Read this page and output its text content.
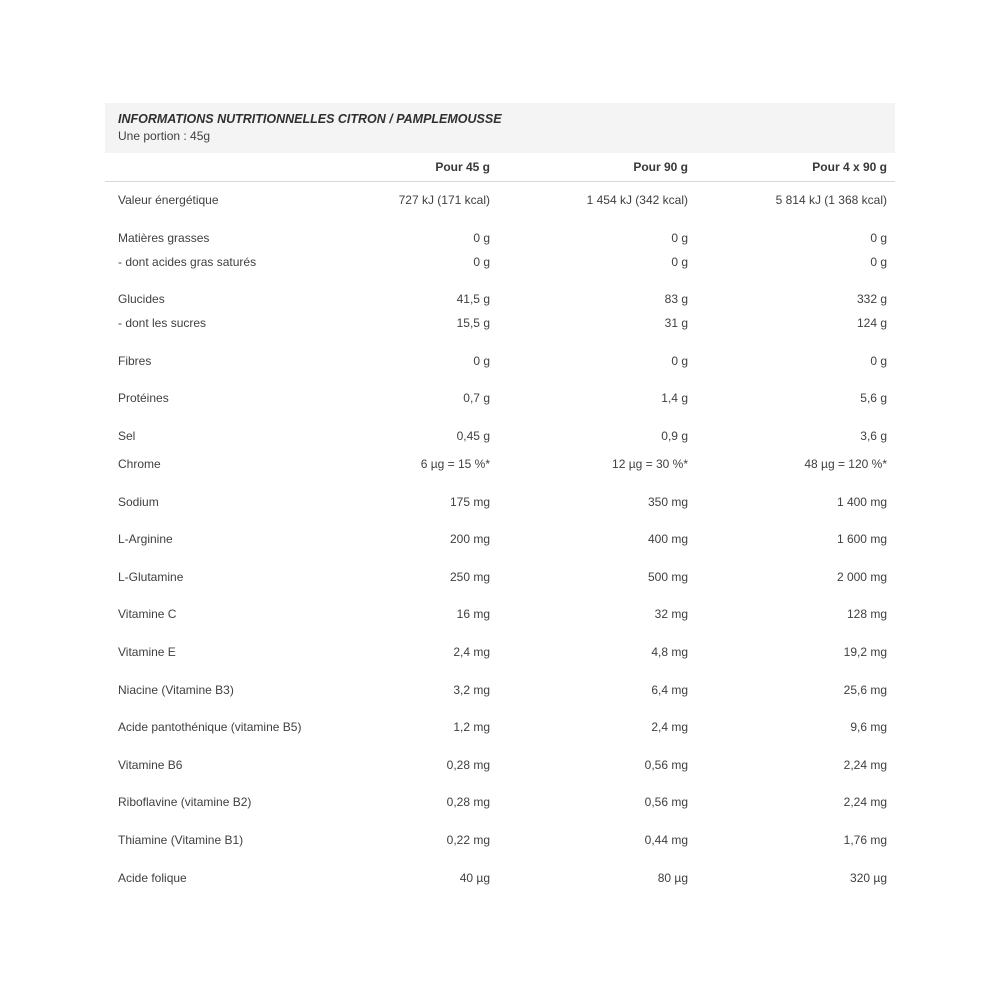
INFORMATIONS NUTRITIONNELLES CITRON / PAMPLEMOUSSE

Une portion : 45g

Pour 45 g	Pour 90 g	Pour 4 x 90 g
Valeur énergétique	727 kJ (171 kcal)	1 454 kJ (342 kcal)	5 814 kJ (1 368 kcal)
Matières grasses	0 g	0 g	0 g
- dont acides gras saturés	0 g	0 g	0 g
Glucides	41,5 g	83 g	332 g
- dont les sucres	15,5 g	31 g	124 g
Fibres	0 g	0 g	0 g
Protéines	0,7 g	1,4 g	5,6 g
Sel	0,45 g	0,9 g	3,6 g
Chrome	6 µg = 15 %*	12 µg = 30 %*	48 µg = 120 %*
Sodium	175 mg	350 mg	1 400 mg
L-Arginine	200 mg	400 mg	1 600 mg
L-Glutamine	250 mg	500 mg	2 000 mg
Vitamine C	16 mg	32 mg	128 mg
Vitamine E	2,4 mg	4,8 mg	19,2 mg
Niacine (Vitamine B3)	3,2 mg	6,4 mg	25,6 mg
Acide pantothénique (vitamine B5)	1,2 mg	2,4 mg	9,6 mg
Vitamine B6	0,28 mg	0,56 mg	2,24 mg
Riboflavine (vitamine B2)	0,28 mg	0,56 mg	2,24 mg
Thiamine (Vitamine B1)	0,22 mg	0,44 mg	1,76 mg
Acide folique	40 µg	80 µg	320 µg
